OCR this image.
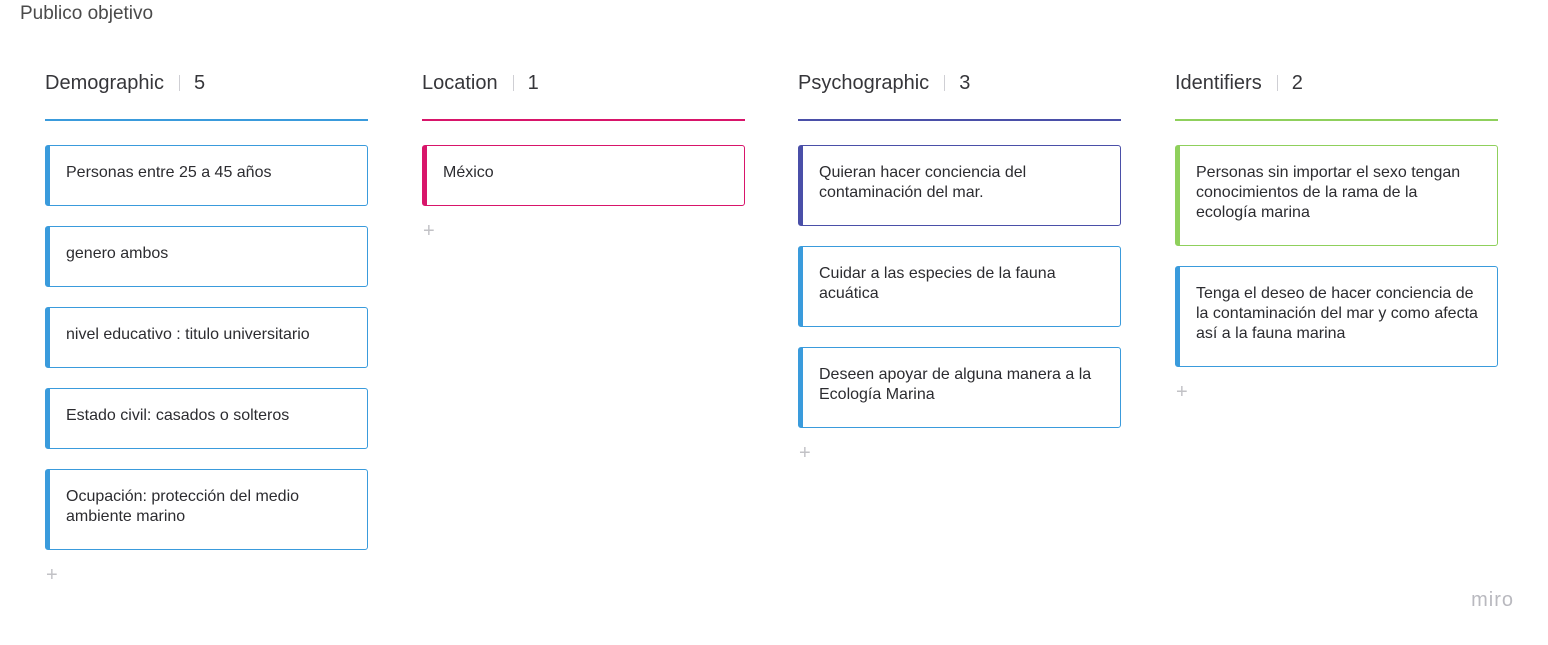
Publico objetivo
Demographic 5
Personas entre 25 a 45 años
genero ambos
nivel educativo : titulo universitario
Estado civil: casados o solteros
Ocupación: protección del medio ambiente marino
+
Location 1
México
+
Psychographic 3
Quieran hacer conciencia del contaminación del mar.
Cuidar a las especies de la fauna acuática
Deseen apoyar de alguna manera a la Ecología Marina
+
Identifiers 2
Personas sin importar el sexo tengan conocimientos de la rama de la ecología marina
Tenga el deseo de hacer conciencia de la contaminación del mar y como afecta así a la fauna marina
+
miro
